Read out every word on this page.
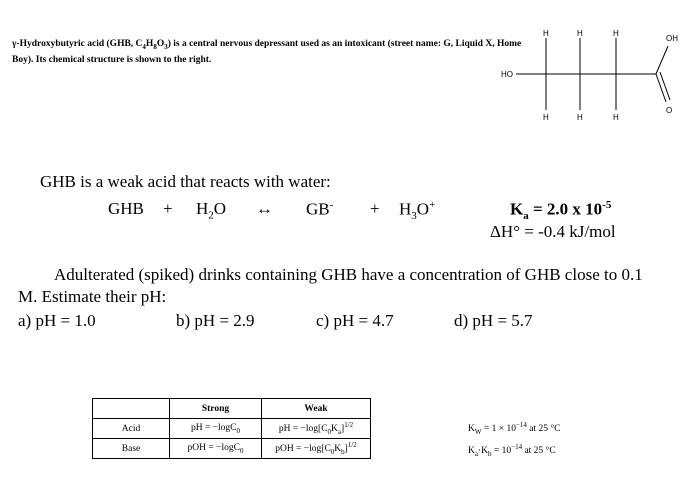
γ-Hydroxybutyric acid (GHB, $C_4H_8O_3$) is a central nervous depressant used as an intoxicant (street name: G, Liquid X, Home Boy). Its chemical structure is shown to the right.
HO
H	H	H
H	H	H
OH
O
GHB is a weak acid that reacts with water:
GHB + $H_2O$ ↔ $GB^- + H_3O^+$	$K_a = 2.0$ x $10^{-5}$
ΔH° = -0.4 kJ/mol
Adulterated (spiked) drinks containing GHB have a concentration of GHB close to 0.1
M. Estimate their pH:
a) pH = 1.0	b) pH = 2.9	c) pH = 4.7	d) pH = 5.7
	Strong	Weak
Acid	pH = −logC$_0$	pH = $-\log[C_0K_a]^{1/2}$
Base	pOH = −logC$_0$	pOH = $-\log[C_0K_b]^{1/2}$
$K_W = 1 \times 10^{-14}$ at 25 °C
$K_a\cdot K_b = 10^{-14}$ at 25 °C
